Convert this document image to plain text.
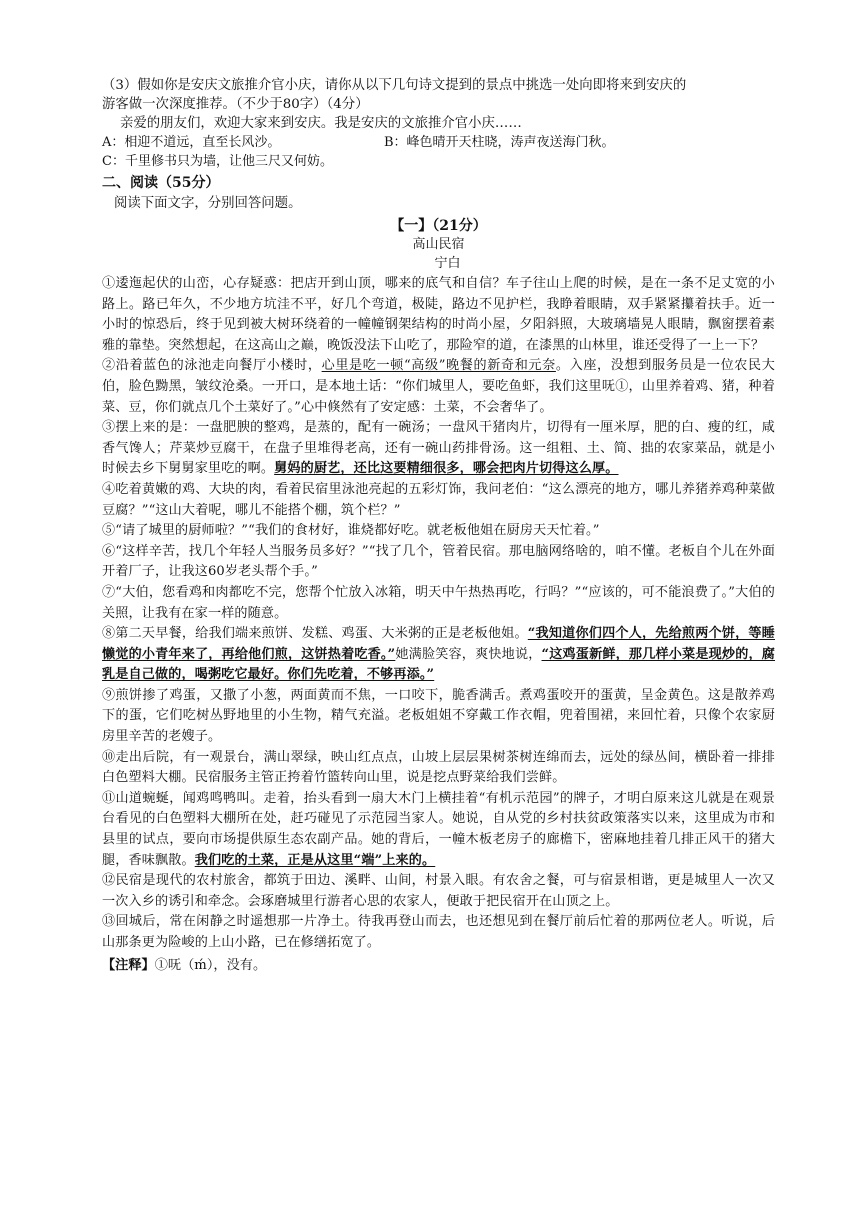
（3）假如你是安庆文旅推介官小庆，请你从以下几句诗文提到的景点中挑选一处向即将来到安庆的
游客做一次深度推荐。（不少于80字）（4分）
亲爱的朋友们，欢迎大家来到安庆。我是安庆的文旅推介官小庆……
A：相迎不道远，直至长风沙。	B：峰色晴开天柱晓，涛声夜送海门秋。
C：千里修书只为墙，让他三尺又何妨。
二、阅读（55分）
阅读下面文字，分别回答问题。
【一】（21分）
高山民宿
宁白

①逶迤起伏的山峦，心存疑惑：把店开到山顶，哪来的底气和自信？车子往山上爬的时候，是在一条不足丈宽的小路上。路已年久，不少地方坑洼不平，好几个弯道，极陡，路边不见护栏，我睁着眼睛，双手紧紧攥着扶手。近一小时的惊恐后，终于见到被大树环绕着的一幢幢钢架结构的时尚小屋，夕阳斜照，大玻璃墙晃人眼睛，飘窗摆着素雅的靠垫。突然想起，在这高山之巅，晚饭没法下山吃了，那险窄的道，在漆黑的山林里，谁还受得了一上一下？

②沿着蓝色的泳池走向餐厅小楼时，心里是吃一顿“高级”晚餐的新奇和元奈。入座，没想到服务员是一位农民大伯，脸色黝黑，皱纹沧桑。一开口，是本地土话：“你们城里人，要吃鱼虾，我们这里呒①，山里养着鸡、猪，种着菜、豆，你们就点几个土菜好了。”心中倏然有了安定感：土菜，不会奢华了。

③摆上来的是：一盘肥腴的整鸡，是蒸的，配有一碗汤；一盘风干猪肉片，切得有一厘米厚，肥的白、瘦的红，咸香气馋人；芹菜炒豆腐干，在盘子里堆得老高，还有一碗山药排骨汤。这一组粗、土、简、拙的农家菜品，就是小时候去乡下舅舅家里吃的啊。舅妈的厨艺，还比这要精细很多，哪会把肉片切得这么厚。

④吃着黄嫩的鸡、大块的肉，看着民宿里泳池亮起的五彩灯饰，我问老伯：“这么漂亮的地方，哪儿养猪养鸡种菜做豆腐？”“这山大着呢，哪儿不能搭个棚，筑个栏？”

⑤“请了城里的厨师啦？”“我们的食材好，谁烧都好吃。就老板他姐在厨房天天忙着。”

⑥“这样辛苦，找几个年轻人当服务员多好？”“找了几个，管着民宿。那电脑网络啥的，咱不懂。老板自个儿在外面开着厂子，让我这60岁老头帮个手。”

⑦“大伯，您看鸡和肉都吃不完，您帮个忙放入冰箱，明天中午热热再吃，行吗？”“应该的，可不能浪费了。”大伯的关照，让我有在家一样的随意。

⑧第二天早餐，给我们端来煎饼、发糕、鸡蛋、大米粥的正是老板他姐。“我知道你们四个人，先给煎两个饼，等睡懒觉的小青年来了，再给他们煎，这饼热着吃香。”她满脸笑容，爽快地说，“这鸡蛋新鲜，那几样小菜是现炒的，腐乳是自己做的，喝粥吃它最好。你们先吃着，不够再添。”

⑨煎饼掺了鸡蛋，又撒了小葱，两面黄而不焦，一口咬下，脆香满舌。煮鸡蛋咬开的蛋黄，呈金黄色。这是散养鸡下的蛋，它们吃树丛野地里的小生物，精气充溢。老板姐姐不穿戴工作衣帽，兜着围裙，来回忙着，只像个农家厨房里辛苦的老嫂子。

⑩走出后院，有一观景台，满山翠绿，映山红点点，山坡上层层果树茶树连绵而去，远处的绿丛间，横卧着一排排白色塑料大棚。民宿服务主管正挎着竹篮转向山里，说是挖点野菜给我们尝鲜。

⑪山道蜿蜒，闻鸡鸣鸭叫。走着，抬头看到一扇大木门上横挂着“有机示范园”的牌子，才明白原来这儿就是在观景台看见的白色塑料大棚所在处，赶巧碰见了示范园当家人。她说，自从党的乡村扶贫政策落实以来，这里成为市和县里的试点，要向市场提供原生态农副产品。她的背后，一幢木板老房子的廊檐下，密麻地挂着几排正风干的猪大腿，香味飘散。我们吃的土菜，正是从这里“端”上来的。

⑫民宿是现代的农村旅舍，都筑于田边、溪畔、山间，村景入眼。有农舍之餐，可与宿景相谐，更是城里人一次又一次入乡的诱引和牵念。会琢磨城里行游者心思的农家人，便敢于把民宿开在山顶之上。

⑬回城后，常在闲静之时遥想那一片净土。待我再登山而去，也还想见到在餐厅前后忙着的那两位老人。听说，后山那条更为险峻的上山小路，已在修缮拓宽了。

【注释】①呒（ḿ），没有。
